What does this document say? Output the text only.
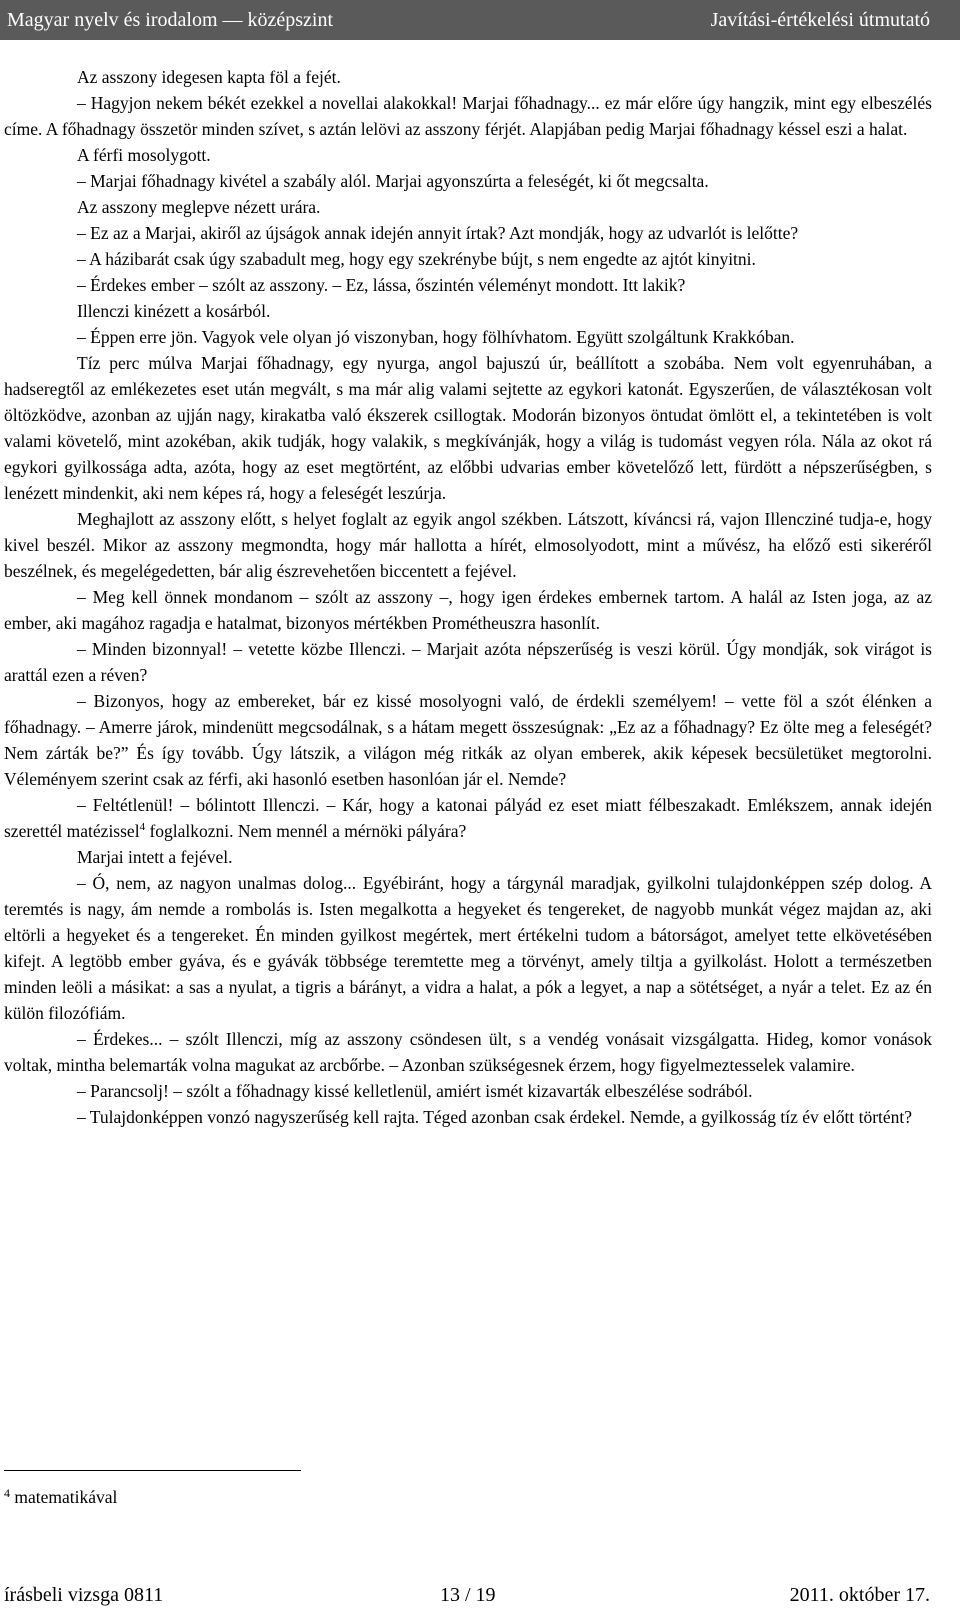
Magyar nyelv és irodalom — középszint	Javítási-értékelési útmutató

Az asszony idegesen kapta föl a fejét.

– Hagyjon nekem békét ezekkel a novellai alakokkal! Marjai főhadnagy... ez már előre úgy hangzik, mint egy elbeszélés címe. A főhadnagy összetör minden szívet, s aztán lelövi az asszony férjét. Alapjában pedig Marjai főhadnagy késsel eszi a halat.

A férfi mosolygott.

– Marjai főhadnagy kivétel a szabály alól. Marjai agyonszúrta a feleségét, ki őt megcsalta.

Az asszony meglepve nézett urára.

– Ez az a Marjai, akiről az újságok annak idején annyit írtak? Azt mondják, hogy az udvarlót is lelőtte?

– A házibarát csak úgy szabadult meg, hogy egy szekrénybe bújt, s nem engedte az ajtót kinyitni.

– Érdekes ember – szólt az asszony. – Ez, lássa, őszintén véleményt mondott. Itt lakik?

Illenczi kinézett a kosárból.

– Éppen erre jön. Vagyok vele olyan jó viszonyban, hogy fölhívhatom. Együtt szolgáltunk Krakkóban.

Tíz perc múlva Marjai főhadnagy, egy nyurga, angol bajuszú úr, beállított a szobába. Nem volt egyenruhában, a hadseregtől az emlékezetes eset után megvált, s ma már alig valami sejtette az egykori katonát. Egyszerűen, de választékosan volt öltözködve, azonban az ujján nagy, kirakatba való ékszerek csillogtak. Modorán bizonyos öntudat ömlött el, a tekintetében is volt valami követelő, mint azokéban, akik tudják, hogy valakik, s megkívánják, hogy a világ is tudomást vegyen róla. Nála az okot rá egykori gyilkossága adta, azóta, hogy az eset megtörtént, az előbbi udvarias ember követelőző lett, fürdött a népszerűségben, s lenézett mindenkit, aki nem képes rá, hogy a feleségét leszúrja.

Meghajlott az asszony előtt, s helyet foglalt az egyik angol székben. Látszott, kíváncsi rá, vajon Illencziné tudja-e, hogy kivel beszél. Mikor az asszony megmondta, hogy már hallotta a hírét, elmosolyodott, mint a művész, ha előző esti sikeréről beszélnek, és megelégedetten, bár alig észrevehetően biccentett a fejével.

– Meg kell önnek mondanom – szólt az asszony –, hogy igen érdekes embernek tartom. A halál az Isten joga, az az ember, aki magához ragadja e hatalmat, bizonyos mértékben Prométheuszra hasonlít.

– Minden bizonnyal! – vetette közbe Illenczi. – Marjait azóta népszerűség is veszi körül. Úgy mondják, sok virágot is arattál ezen a réven?

– Bizonyos, hogy az embereket, bár ez kissé mosolyogni való, de érdekli személyem! – vette föl a szót élénken a főhadnagy. – Amerre járok, mindenütt megcsodálnak, s a hátam megett összesúgnak: „Ez az a főhadnagy? Ez ölte meg a feleségét? Nem zárták be?” És így tovább. Úgy látszik, a világon még ritkák az olyan emberek, akik képesek becsületüket megtorolni. Véleményem szerint csak az férfi, aki hasonló esetben hasonlóan jár el. Nemde?

– Feltétlenül! – bólintott Illenczi. – Kár, hogy a katonai pályád ez eset miatt félbeszakadt. Emlékszem, annak idején szerettél matézissel$^4$ foglalkozni. Nem mennél a mérnöki pályára?

Marjai intett a fejével.

– Ó, nem, az nagyon unalmas dolog... Egyébiránt, hogy a tárgynál maradjak, gyilkolni tulajdonképpen szép dolog. A teremtés is nagy, ám nemde a rombolás is. Isten megalkotta a hegyeket és tengereket, de nagyobb munkát végez majdan az, aki eltörli a hegyeket és a tengereket. Én minden gyilkost megértek, mert értékelni tudom a bátorságot, amelyet tette elkövetésében kifejt. A legtöbb ember gyáva, és e gyávák többsége teremtette meg a törvényt, amely tiltja a gyilkolást. Holott a természetben minden leöli a másikat: a sas a nyulat, a tigris a bárányt, a vidra a halat, a pók a legyet, a nap a sötétséget, a nyár a telet. Ez az én külön filozófiám.

– Érdekes... – szólt Illenczi, míg az asszony csöndesen ült, s a vendég vonásait vizsgálgatta. Hideg, komor vonások voltak, mintha belemarták volna magukat az arcbőrbe. – Azonban szükségesnek érzem, hogy figyelmeztesselek valamire.

– Parancsolj! – szólt a főhadnagy kissé kelletlenül, amiért ismét kizavarták elbeszélése sodrából.

– Tulajdonképpen vonzó nagyszerűség kell rajta. Téged azonban csak érdekel. Nemde, a gyilkosság tíz év előtt történt?

$^4$ matematikával
írásbeli vizsga 0811	13 / 19	2011. október 17.
